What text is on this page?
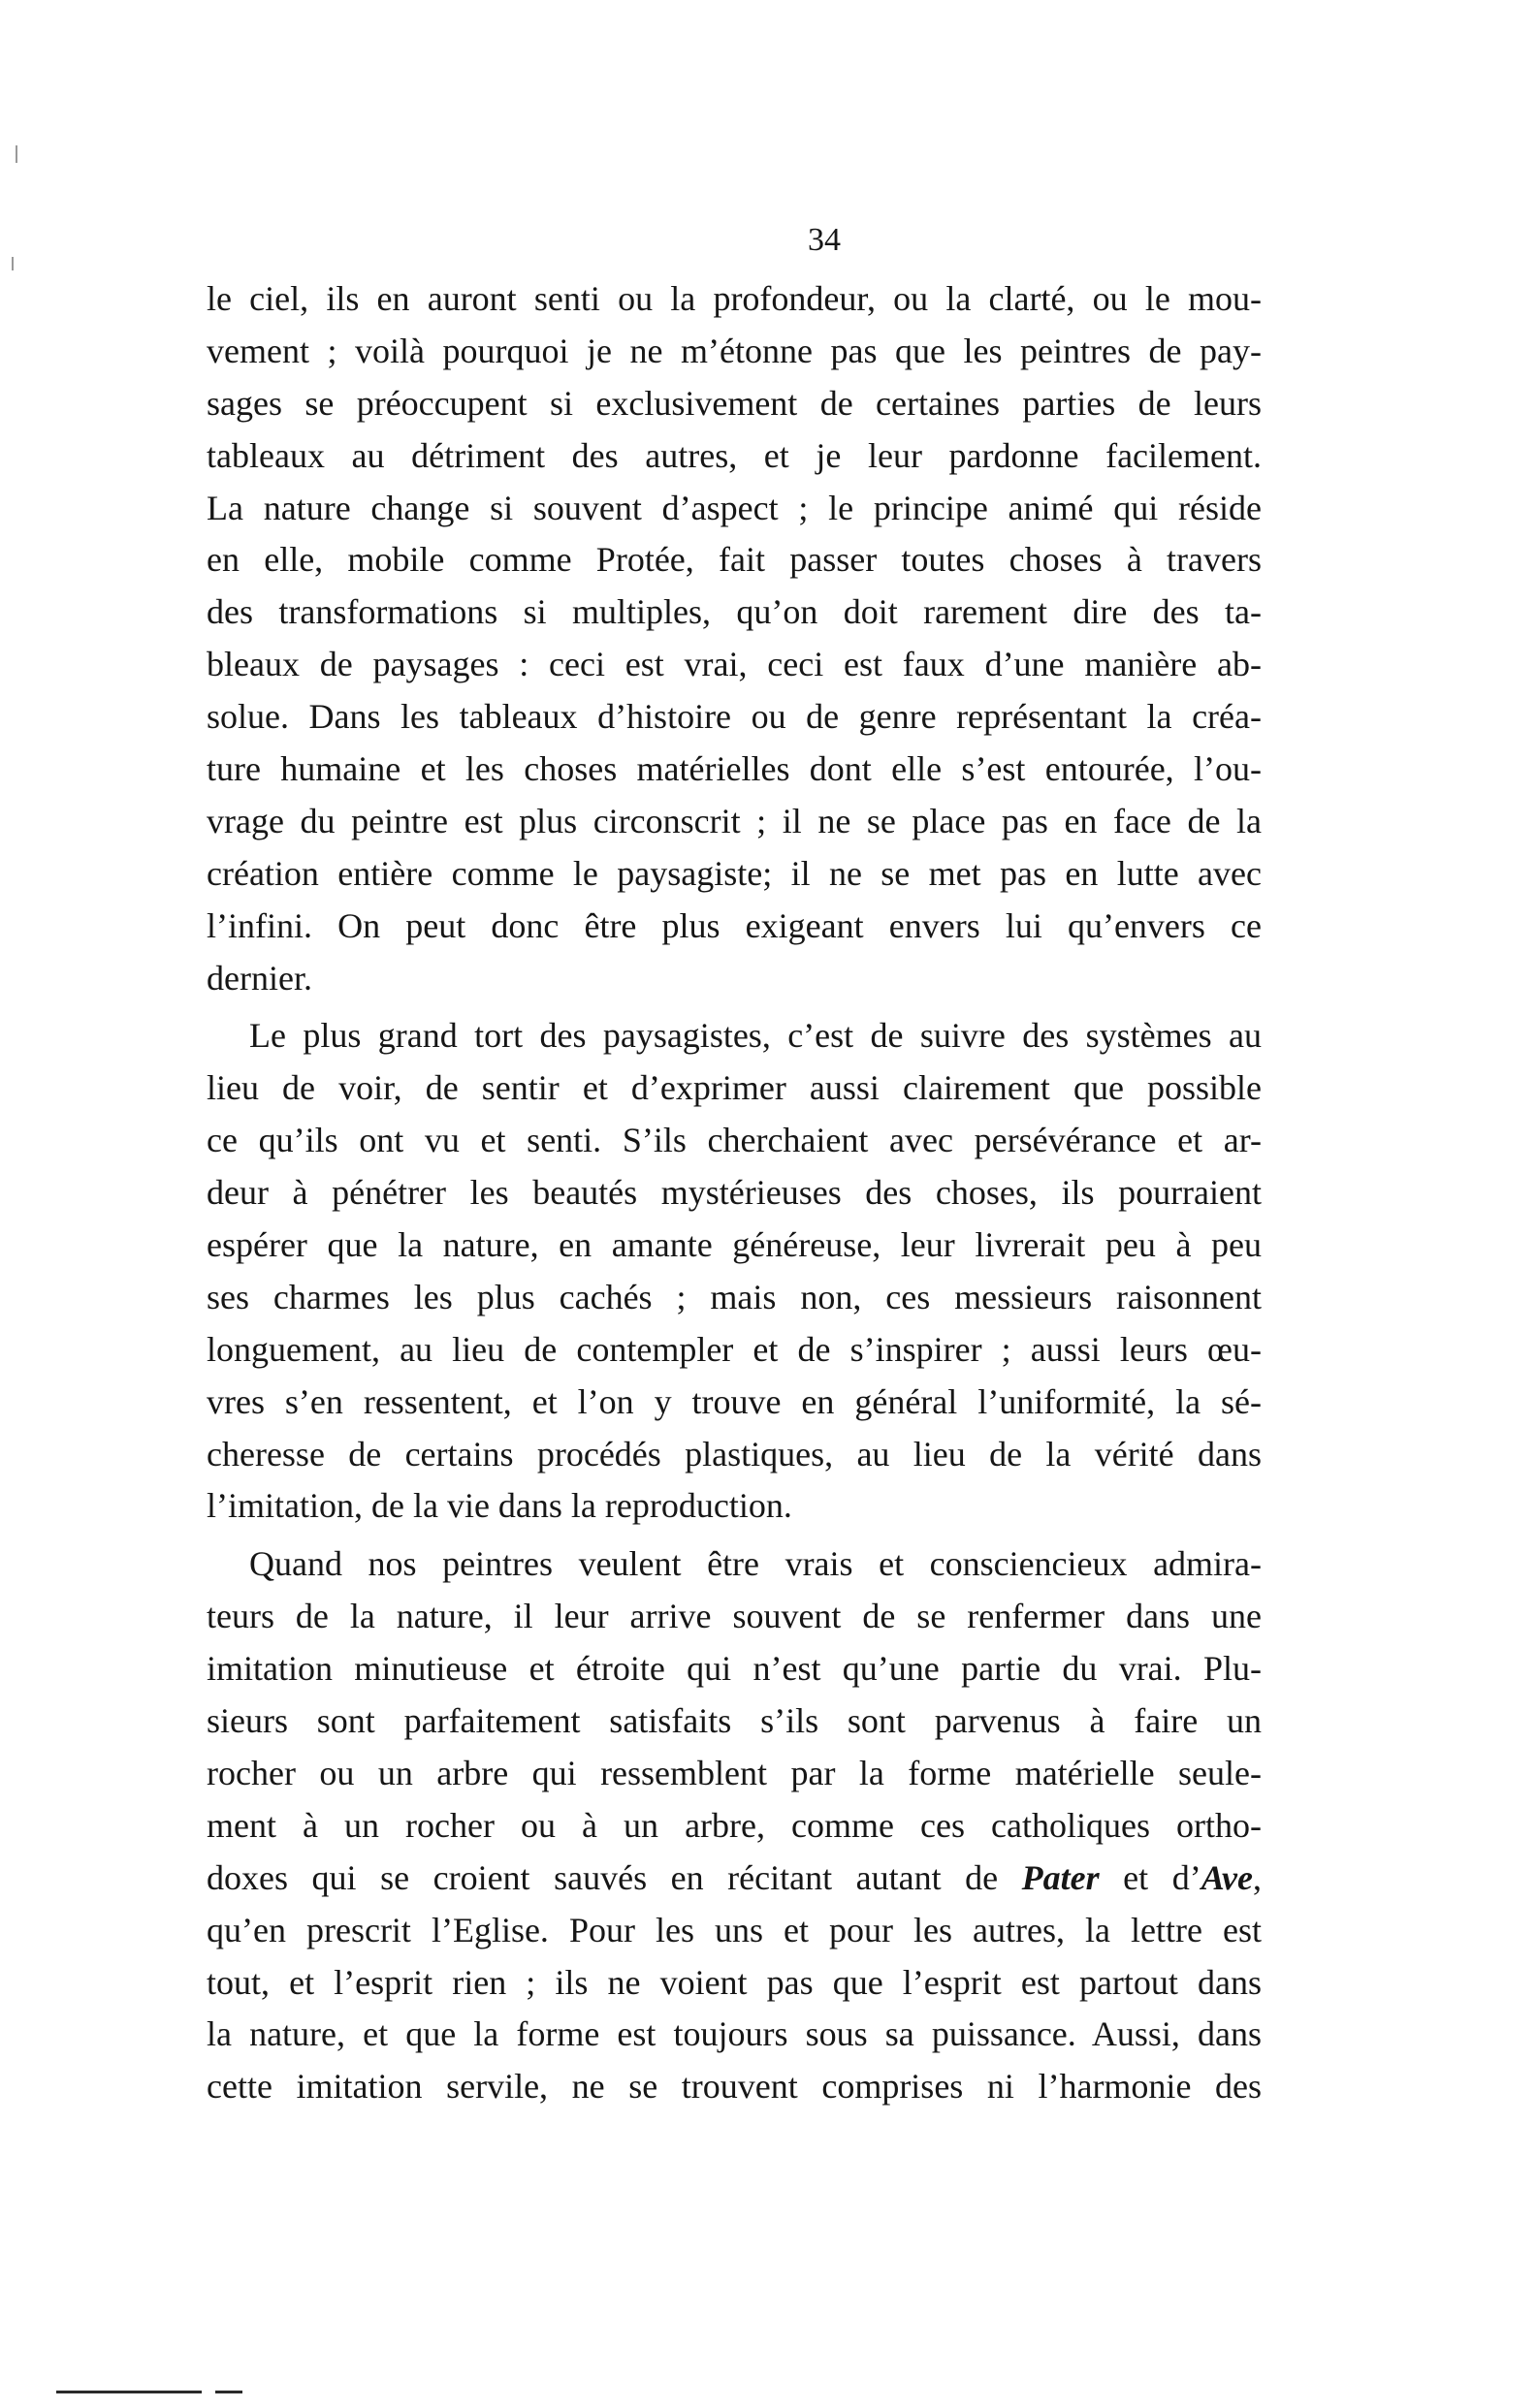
34
le ciel, ils en auront senti ou la profondeur, ou la clarté, ou le mou-
vement ; voilà pourquoi je ne m’étonne pas que les peintres de pay-
sages se préoccupent si exclusivement de certaines parties de leurs
tableaux au détriment des autres, et je leur pardonne facilement.
La nature change si souvent d’aspect ; le principe animé qui réside
en elle, mobile comme Protée, fait passer toutes choses à travers
des transformations si multiples, qu’on doit rarement dire des ta-
bleaux de paysages : ceci est vrai, ceci est faux d’une manière ab-
solue. Dans les tableaux d’histoire ou de genre représentant la créa-
ture humaine et les choses matérielles dont elle s’est entourée, l’ou-
vrage du peintre est plus circonscrit ; il ne se place pas en face de la
création entière comme le paysagiste; il ne se met pas en lutte avec
l’infini. On peut donc être plus exigeant envers lui qu’envers ce
dernier.
Le plus grand tort des paysagistes, c’est de suivre des systèmes au
lieu de voir, de sentir et d’exprimer aussi clairement que possible
ce qu’ils ont vu et senti. S’ils cherchaient avec persévérance et ar-
deur à pénétrer les beautés mystérieuses des choses, ils pourraient
espérer que la nature, en amante généreuse, leur livrerait peu à peu
ses charmes les plus cachés ; mais non, ces messieurs raisonnent
longuement, au lieu de contempler et de s’inspirer ; aussi leurs œu-
vres s’en ressentent, et l’on y trouve en général l’uniformité, la sé-
cheresse de certains procédés plastiques, au lieu de la vérité dans
l’imitation, de la vie dans la reproduction.
Quand nos peintres veulent être vrais et consciencieux admira-
teurs de la nature, il leur arrive souvent de se renfermer dans une
imitation minutieuse et étroite qui n’est qu’une partie du vrai. Plu-
sieurs sont parfaitement satisfaits s’ils sont parvenus à faire un
rocher ou un arbre qui ressemblent par la forme matérielle seule-
ment à un rocher ou à un arbre, comme ces catholiques ortho-
doxes qui se croient sauvés en récitant autant de Pater et d’Ave,
qu’en prescrit l’Eglise. Pour les uns et pour les autres, la lettre est
tout, et l’esprit rien ; ils ne voient pas que l’esprit est partout dans
la nature, et que la forme est toujours sous sa puissance. Aussi, dans
cette imitation servile, ne se trouvent comprises ni l’harmonie des
